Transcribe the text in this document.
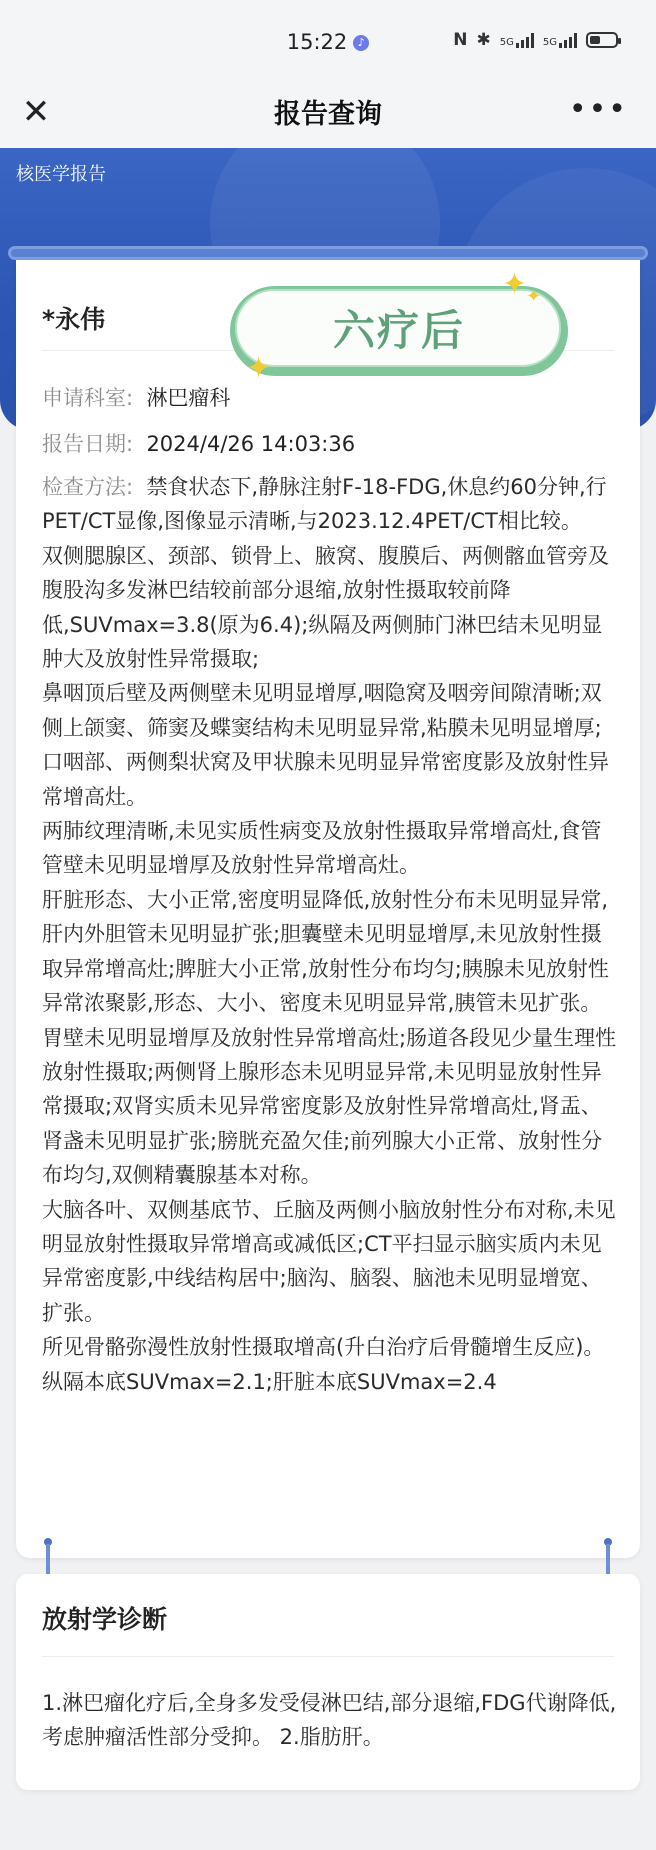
15:22 ♪	N ✱ 5G	5G
✕	报告查询	•••
核医学报告
*永伟
申请科室: 淋巴瘤科
报告日期: 2024/4/26 14:03:36

检查方法: 禁食状态下,静脉注射F-18-FDG,休息约60分钟,行PET/CT显像,图像显示清晰,与2023.12.4PET/CT相比较。

双侧腮腺区、颈部、锁骨上、腋窝、腹膜后、两侧髂血管旁及腹股沟多发淋巴结较前部分退缩,放射性摄取较前降低,SUVmax=3.8(原为6.4);纵隔及两侧肺门淋巴结未见明显肿大及放射性异常摄取;

鼻咽顶后壁及两侧壁未见明显增厚,咽隐窝及咽旁间隙清晰;双侧上颌窦、筛窦及蝶窦结构未见明显异常,粘膜未见明显增厚;口咽部、两侧梨状窝及甲状腺未见明显异常密度影及放射性异常增高灶。

两肺纹理清晰,未见实质性病变及放射性摄取异常增高灶,食管管壁未见明显增厚及放射性异常增高灶。

肝脏形态、大小正常,密度明显降低,放射性分布未见明显异常,肝内外胆管未见明显扩张;胆囊壁未见明显增厚,未见放射性摄取异常增高灶;脾脏大小正常,放射性分布均匀;胰腺未见放射性异常浓聚影,形态、大小、密度未见明显异常,胰管未见扩张。胃壁未见明显增厚及放射性异常增高灶;肠道各段见少量生理性放射性摄取;两侧肾上腺形态未见明显异常,未见明显放射性异常摄取;双肾实质未见异常密度影及放射性异常增高灶,肾盂、肾盏未见明显扩张;膀胱充盈欠佳;前列腺大小正常、放射性分布均匀,双侧精囊腺基本对称。

大脑各叶、双侧基底节、丘脑及两侧小脑放射性分布对称,未见明显放射性摄取异常增高或减低区;CT平扫显示脑实质内未见异常密度影,中线结构居中;脑沟、脑裂、脑池未见明显增宽、扩张。

所见骨骼弥漫性放射性摄取增高(升白治疗后骨髓增生反应)。

纵隔本底SUVmax=2.1;肝脏本底SUVmax=2.4

六疗后
✦
✦
✦
放射学诊断
1.淋巴瘤化疗后,全身多发受侵淋巴结,部分退缩,FDG代谢降低,考虑肿瘤活性部分受抑。 2.脂肪肝。
